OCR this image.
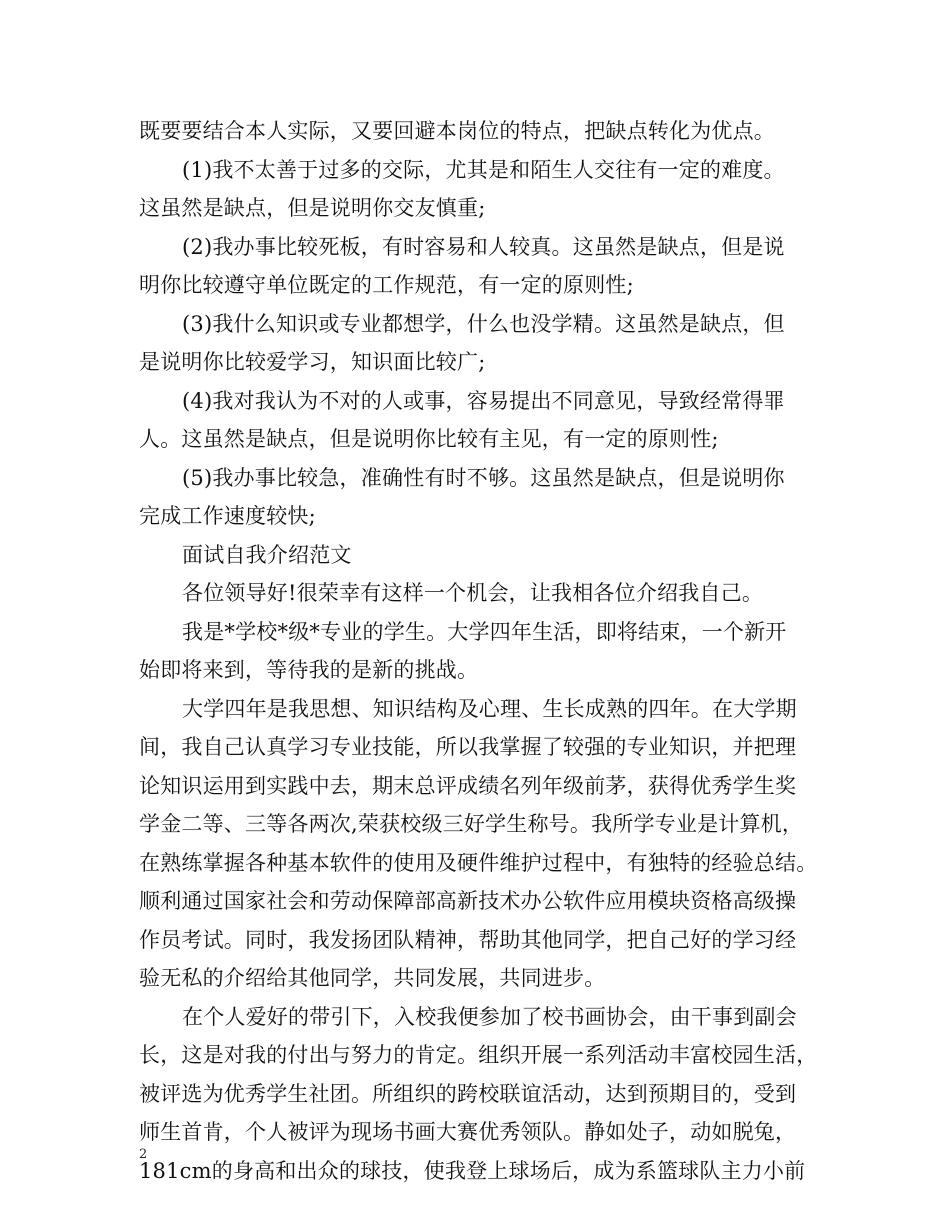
既要要结合本人实际，又要回避本岗位的特点，把缺点转化为优点。
(1)我不太善于过多的交际，尤其是和陌生人交往有一定的难度。
这虽然是缺点，但是说明你交友慎重;
(2)我办事比较死板，有时容易和人较真。这虽然是缺点，但是说
明你比较遵守单位既定的工作规范，有一定的原则性;
(3)我什么知识或专业都想学，什么也没学精。这虽然是缺点，但
是说明你比较爱学习，知识面比较广;
(4)我对我认为不对的人或事，容易提出不同意见，导致经常得罪
人。这虽然是缺点，但是说明你比较有主见，有一定的原则性;
(5)我办事比较急，准确性有时不够。这虽然是缺点，但是说明你
完成工作速度较快;
面试自我介绍范文
各位领导好!很荣幸有这样一个机会，让我相各位介绍我自己。
我是*学校*级*专业的学生。大学四年生活，即将结束，一个新开
始即将来到，等待我的是新的挑战。
大学四年是我思想、知识结构及心理、生长成熟的四年。在大学期
间，我自己认真学习专业技能，所以我掌握了较强的专业知识，并把理
论知识运用到实践中去，期末总评成绩名列年级前茅，获得优秀学生奖
学金二等、三等各两次,荣获校级三好学生称号。我所学专业是计算机，
在熟练掌握各种基本软件的使用及硬件维护过程中，有独特的经验总结。
顺利通过国家社会和劳动保障部高新技术办公软件应用模块资格高级操
作员考试。同时，我发扬团队精神，帮助其他同学，把自己好的学习经
验无私的介绍给其他同学，共同发展，共同进步。
在个人爱好的带引下，入校我便参加了校书画协会，由干事到副会
长，这是对我的付出与努力的肯定。组织开展一系列活动丰富校园生活，
被评选为优秀学生社团。所组织的跨校联谊活动，达到预期目的，受到
师生首肯，个人被评为现场书画大赛优秀领队。静如处子，动如脱兔，
181cm的身高和出众的球技，使我登上球场后，成为系篮球队主力小前
2
